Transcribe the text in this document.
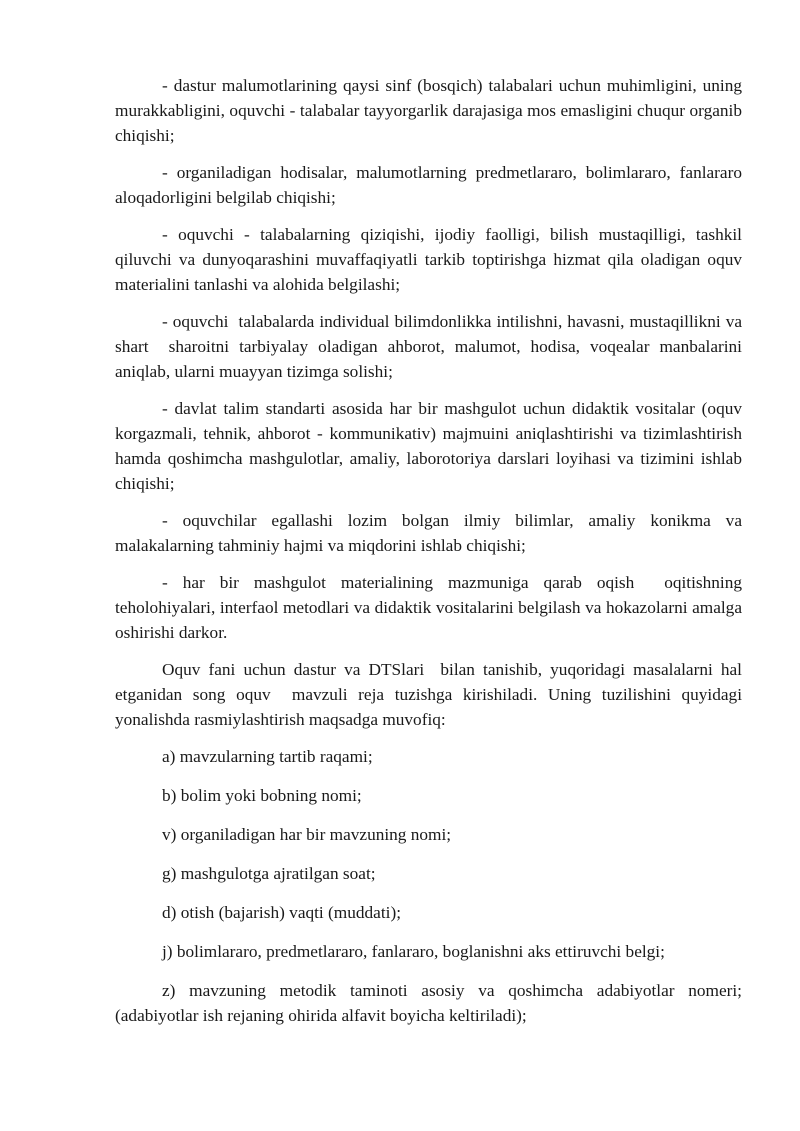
- dastur malumotlarining qaysi sinf (bosqich) talabalari uchun muhimligini, uning murakkabligini, oquvchi - talabalar tayyorgarlik darajasiga mos emasligini chuqur organib chiqishi;

- organiladigan hodisalar, malumotlarning predmetlararo, bolimlararo, fanlararo aloqadorligini belgilab chiqishi;

- oquvchi - talabalarning qiziqishi, ijodiy faolligi, bilish mustaqilligi, tashkil qiluvchi va dunyoqarashini muvaffaqiyatli tarkib toptirishga hizmat qila oladigan oquv materialini tanlashi va alohida belgilashi;

- oquvchi  talabalarda individual bilimdonlikka intilishni, havasni, mustaqillikni va shart  sharoitni tarbiyalay oladigan ahborot, malumot, hodisa, voqealar manbalarini aniqlab, ularni muayyan tizimga solishi;

- davlat talim standarti asosida har bir mashgulot uchun didaktik vositalar (oquv korgazmali, tehnik, ahborot - kommunikativ) majmuini aniqlashtirishi va tizimlashtirish hamda qoshimcha mashgulotlar, amaliy, laborotoriya darslari loyihasi va tizimini ishlab chiqishi;

- oquvchilar egallashi lozim bolgan ilmiy bilimlar, amaliy konikma va malakalarning tahminiy hajmi va miqdorini ishlab chiqishi;

- har bir mashgulot materialining mazmuniga qarab oqish  oqitishning teholohiyalari, interfaol metodlari va didaktik vositalarini belgilash va hokazolarni amalga oshirishi darkor.

Oquv fani uchun dastur va DTSlari  bilan tanishib, yuqoridagi masalalarni hal etganidan song oquv  mavzuli reja tuzishga kirishiladi. Uning tuzilishini quyidagi yonalishda rasmiylashtirish maqsadga muvofiq:

a) mavzularning tartib raqami;

b) bolim yoki bobning nomi;

v) organiladigan har bir mavzuning nomi;

g) mashgulotga ajratilgan soat;

d) otish (bajarish) vaqti (muddati);

j) bolimlararo, predmetlararo, fanlararo, boglanishni aks ettiruvchi belgi;

z) mavzuning metodik taminoti asosiy va qoshimcha adabiyotlar nomeri; (adabiyotlar ish rejaning ohirida alfavit boyicha keltiriladi);
